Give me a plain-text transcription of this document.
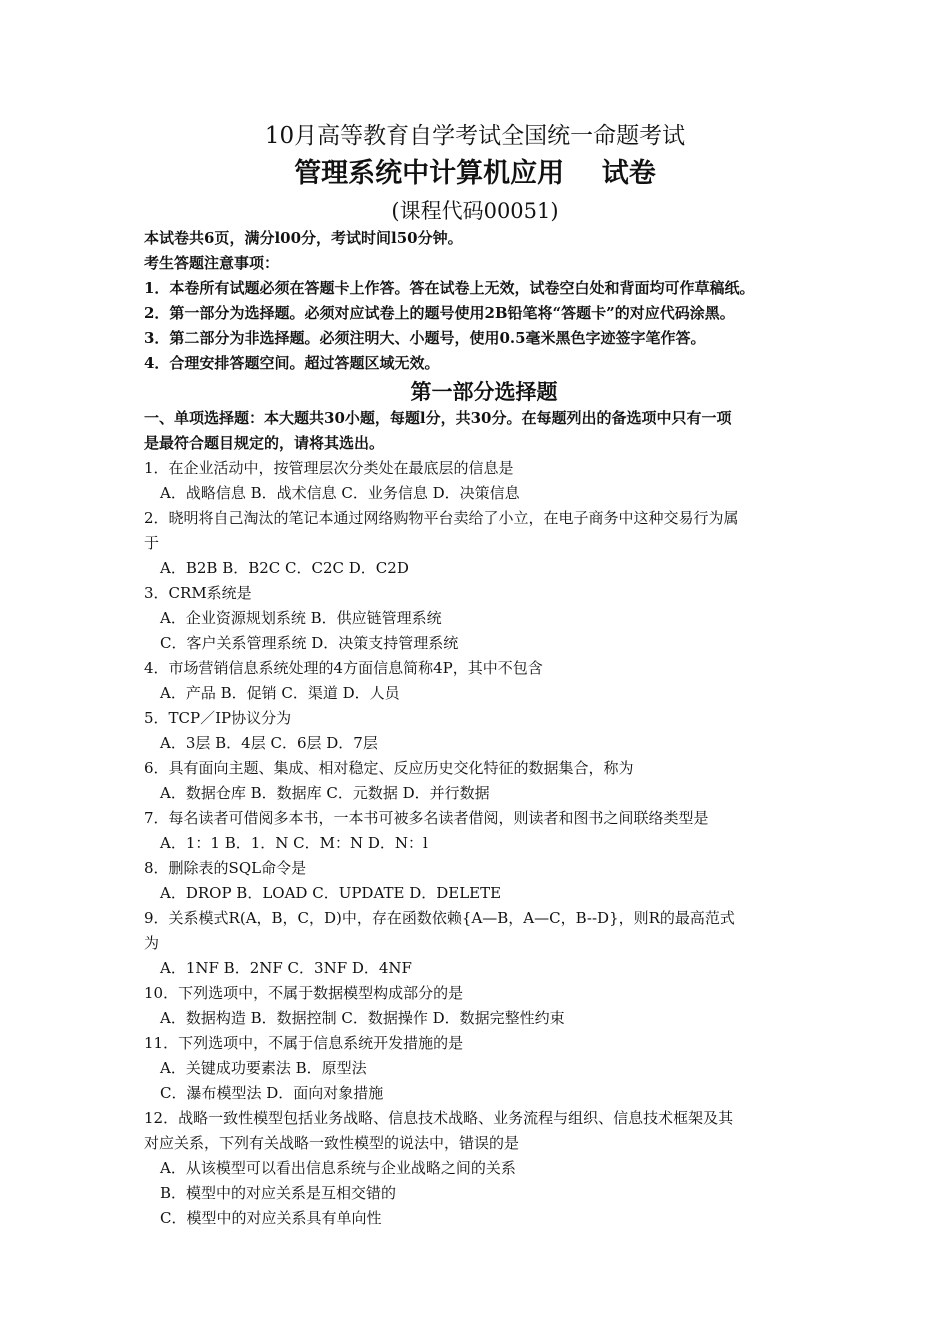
10月高等教育自学考试全国统一命题考试
管理系统中计算机应用    试卷
(课程代码00051)
本试卷共6页，满分l00分，考试时间l50分钟。
考生答题注意事项：
1．本卷所有试题必须在答题卡上作答。答在试卷上无效，试卷空白处和背面均可作草稿纸。
2．第一部分为选择题。必须对应试卷上的题号使用2B铅笔将“答题卡”的对应代码涂黑。
3．第二部分为非选择题。必须注明大、小题号，使用0.5毫米黑色字迹签字笔作答。
4．合理安排答题空间。超过答题区域无效。
第一部分选择题
一、单项选择题：本大题共30小题，每题l分，共30分。在每题列出的备选项中只有一项
是最符合题目规定的，请将其选出。
1．在企业活动中，按管理层次分类处在最底层的信息是
A．战略信息 B．战术信息 C．业务信息 D．决策信息
2．晓明将自己淘汰的笔记本通过网络购物平台卖给了小立，在电子商务中这种交易行为属
于
A．B2B B．B2C C．C2C D．C2D
3．CRM系统是
A．企业资源规划系统 B．供应链管理系统
C．客户关系管理系统 D．决策支持管理系统
4．市场营销信息系统处理的4方面信息简称4P，其中不包含
A．产品 B．促销 C．渠道 D．人员
5．TCP／IP协议分为
A．3层 B．4层 C．6层 D．7层
6．具有面向主题、集成、相对稳定、反应历史交化特征的数据集合，称为
A．数据仓库 B．数据库 C．元数据 D．并行数据
7．每名读者可借阅多本书，一本书可被多名读者借阅，则读者和图书之间联络类型是
A．1：1 B．1．N C．M：N D．N：l
8．删除表的SQL命令是
A．DROP B．LOAD C．UPDATE D．DELETE
9．关系模式R(A，B，C，D)中，存在函数依赖{A—B，A—C，B--D}，则R的最高范式
为
A．1NF B．2NF C．3NF D．4NF
10．下列选项中，不属于数据模型构成部分的是
A．数据构造 B．数据控制 C．数据操作 D．数据完整性约束
11．下列选项中，不属于信息系统开发措施的是
A．关键成功要素法 B．原型法
C．瀑布模型法 D．面向对象措施
12．战略一致性模型包括业务战略、信息技术战略、业务流程与组织、信息技术框架及其
对应关系，下列有关战略一致性模型的说法中，错误的是
A．从该模型可以看出信息系统与企业战略之间的关系
B．模型中的对应关系是互相交错的
C．模型中的对应关系具有单向性
